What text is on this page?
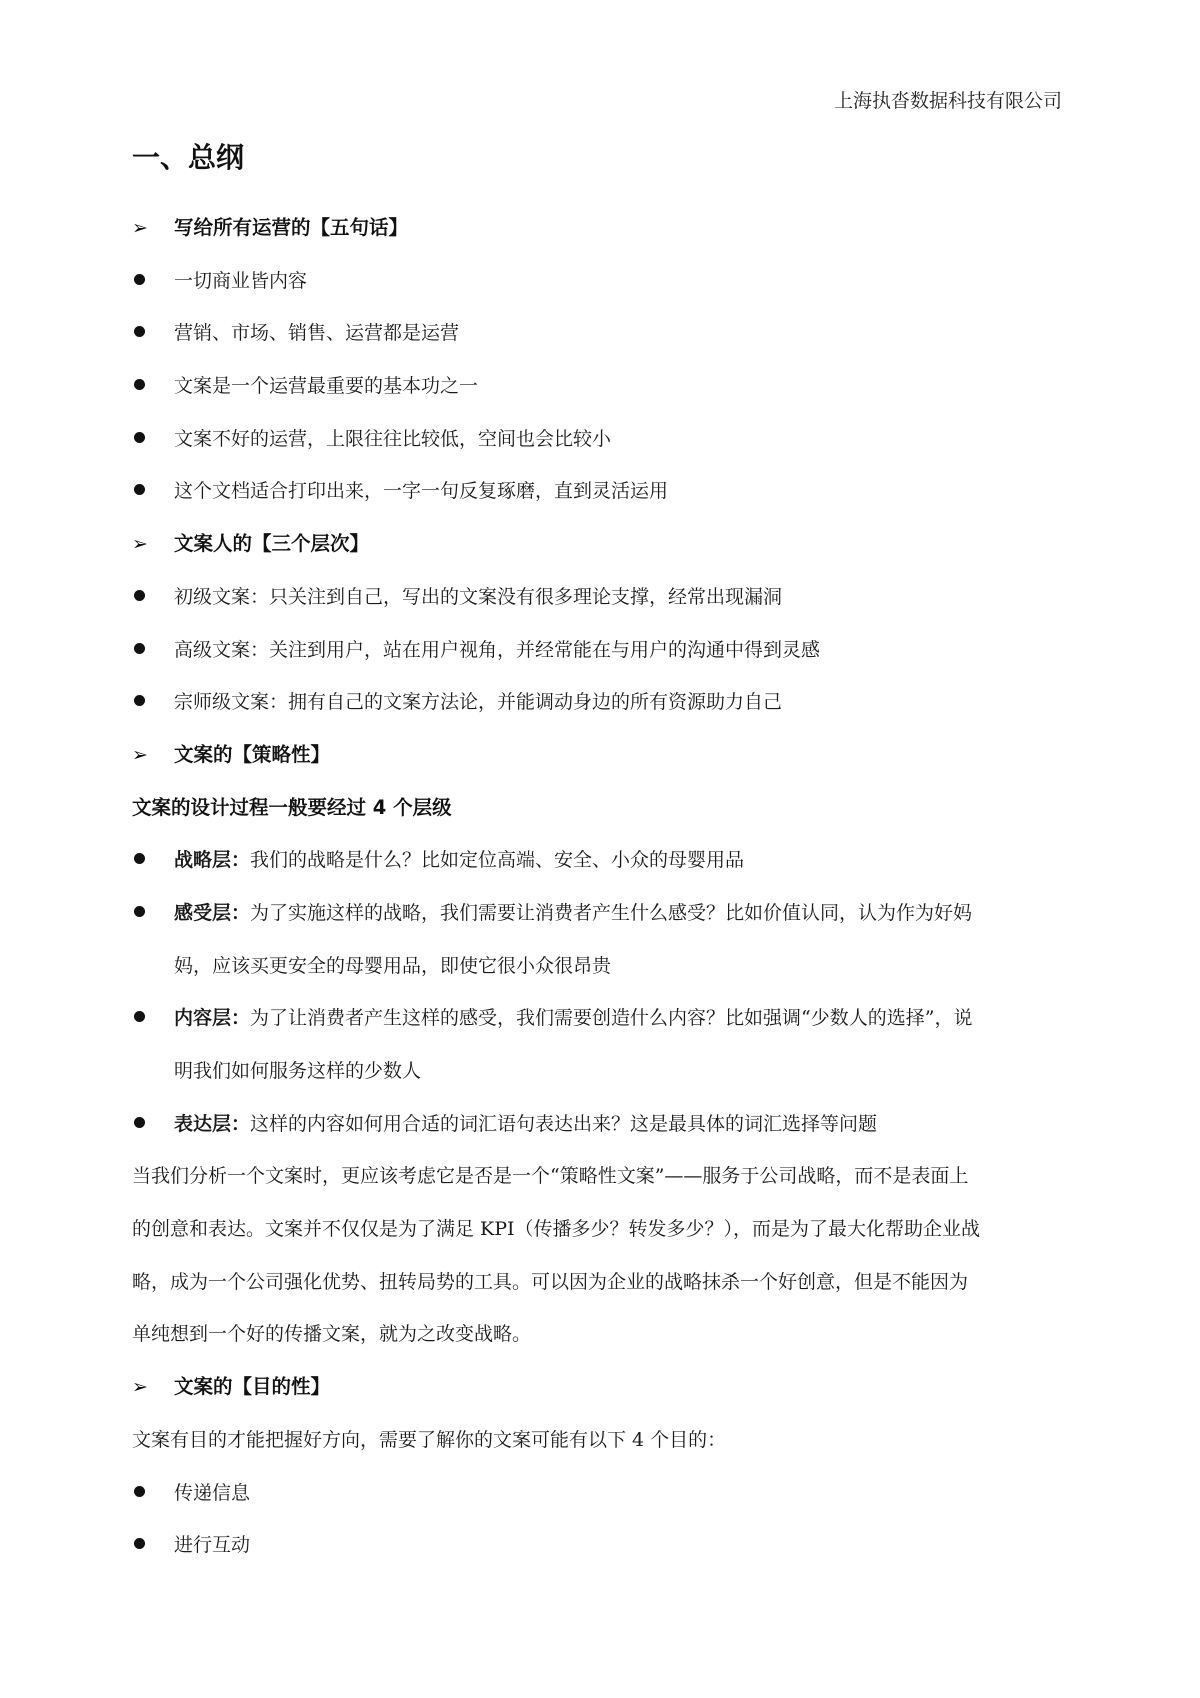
上海执沓数据科技有限公司
一、总纲
➢ 写给所有运营的【五句话】
一切商业皆内容
营销、市场、销售、运营都是运营
文案是一个运营最重要的基本功之一
文案不好的运营，上限往往比较低，空间也会比较小
这个文档适合打印出来，一字一句反复琢磨，直到灵活运用
➢ 文案人的【三个层次】
初级文案：只关注到自己，写出的文案没有很多理论支撑，经常出现漏洞
高级文案：关注到用户，站在用户视角，并经常能在与用户的沟通中得到灵感
宗师级文案：拥有自己的文案方法论，并能调动身边的所有资源助力自己
➢ 文案的【策略性】
文案的设计过程一般要经过 4 个层级
战略层：我们的战略是什么？比如定位高端、安全、小众的母婴用品
感受层：为了实施这样的战略，我们需要让消费者产生什么感受？比如价值认同，认为作为好妈
妈，应该买更安全的母婴用品，即使它很小众很昂贵
内容层：为了让消费者产生这样的感受，我们需要创造什么内容？比如强调“少数人的选择”，说
明我们如何服务这样的少数人
表达层：这样的内容如何用合适的词汇语句表达出来？这是最具体的词汇选择等问题
当我们分析一个文案时，更应该考虑它是否是一个“策略性文案”——服务于公司战略，而不是表面上
的创意和表达。文案并不仅仅是为了满足 KPI（传播多少？转发多少？），而是为了最大化帮助企业战
略，成为一个公司强化优势、扭转局势的工具。可以因为企业的战略抹杀一个好创意，但是不能因为
单纯想到一个好的传播文案，就为之改变战略。
➢ 文案的【目的性】
文案有目的才能把握好方向，需要了解你的文案可能有以下 4 个目的：
传递信息
进行互动
